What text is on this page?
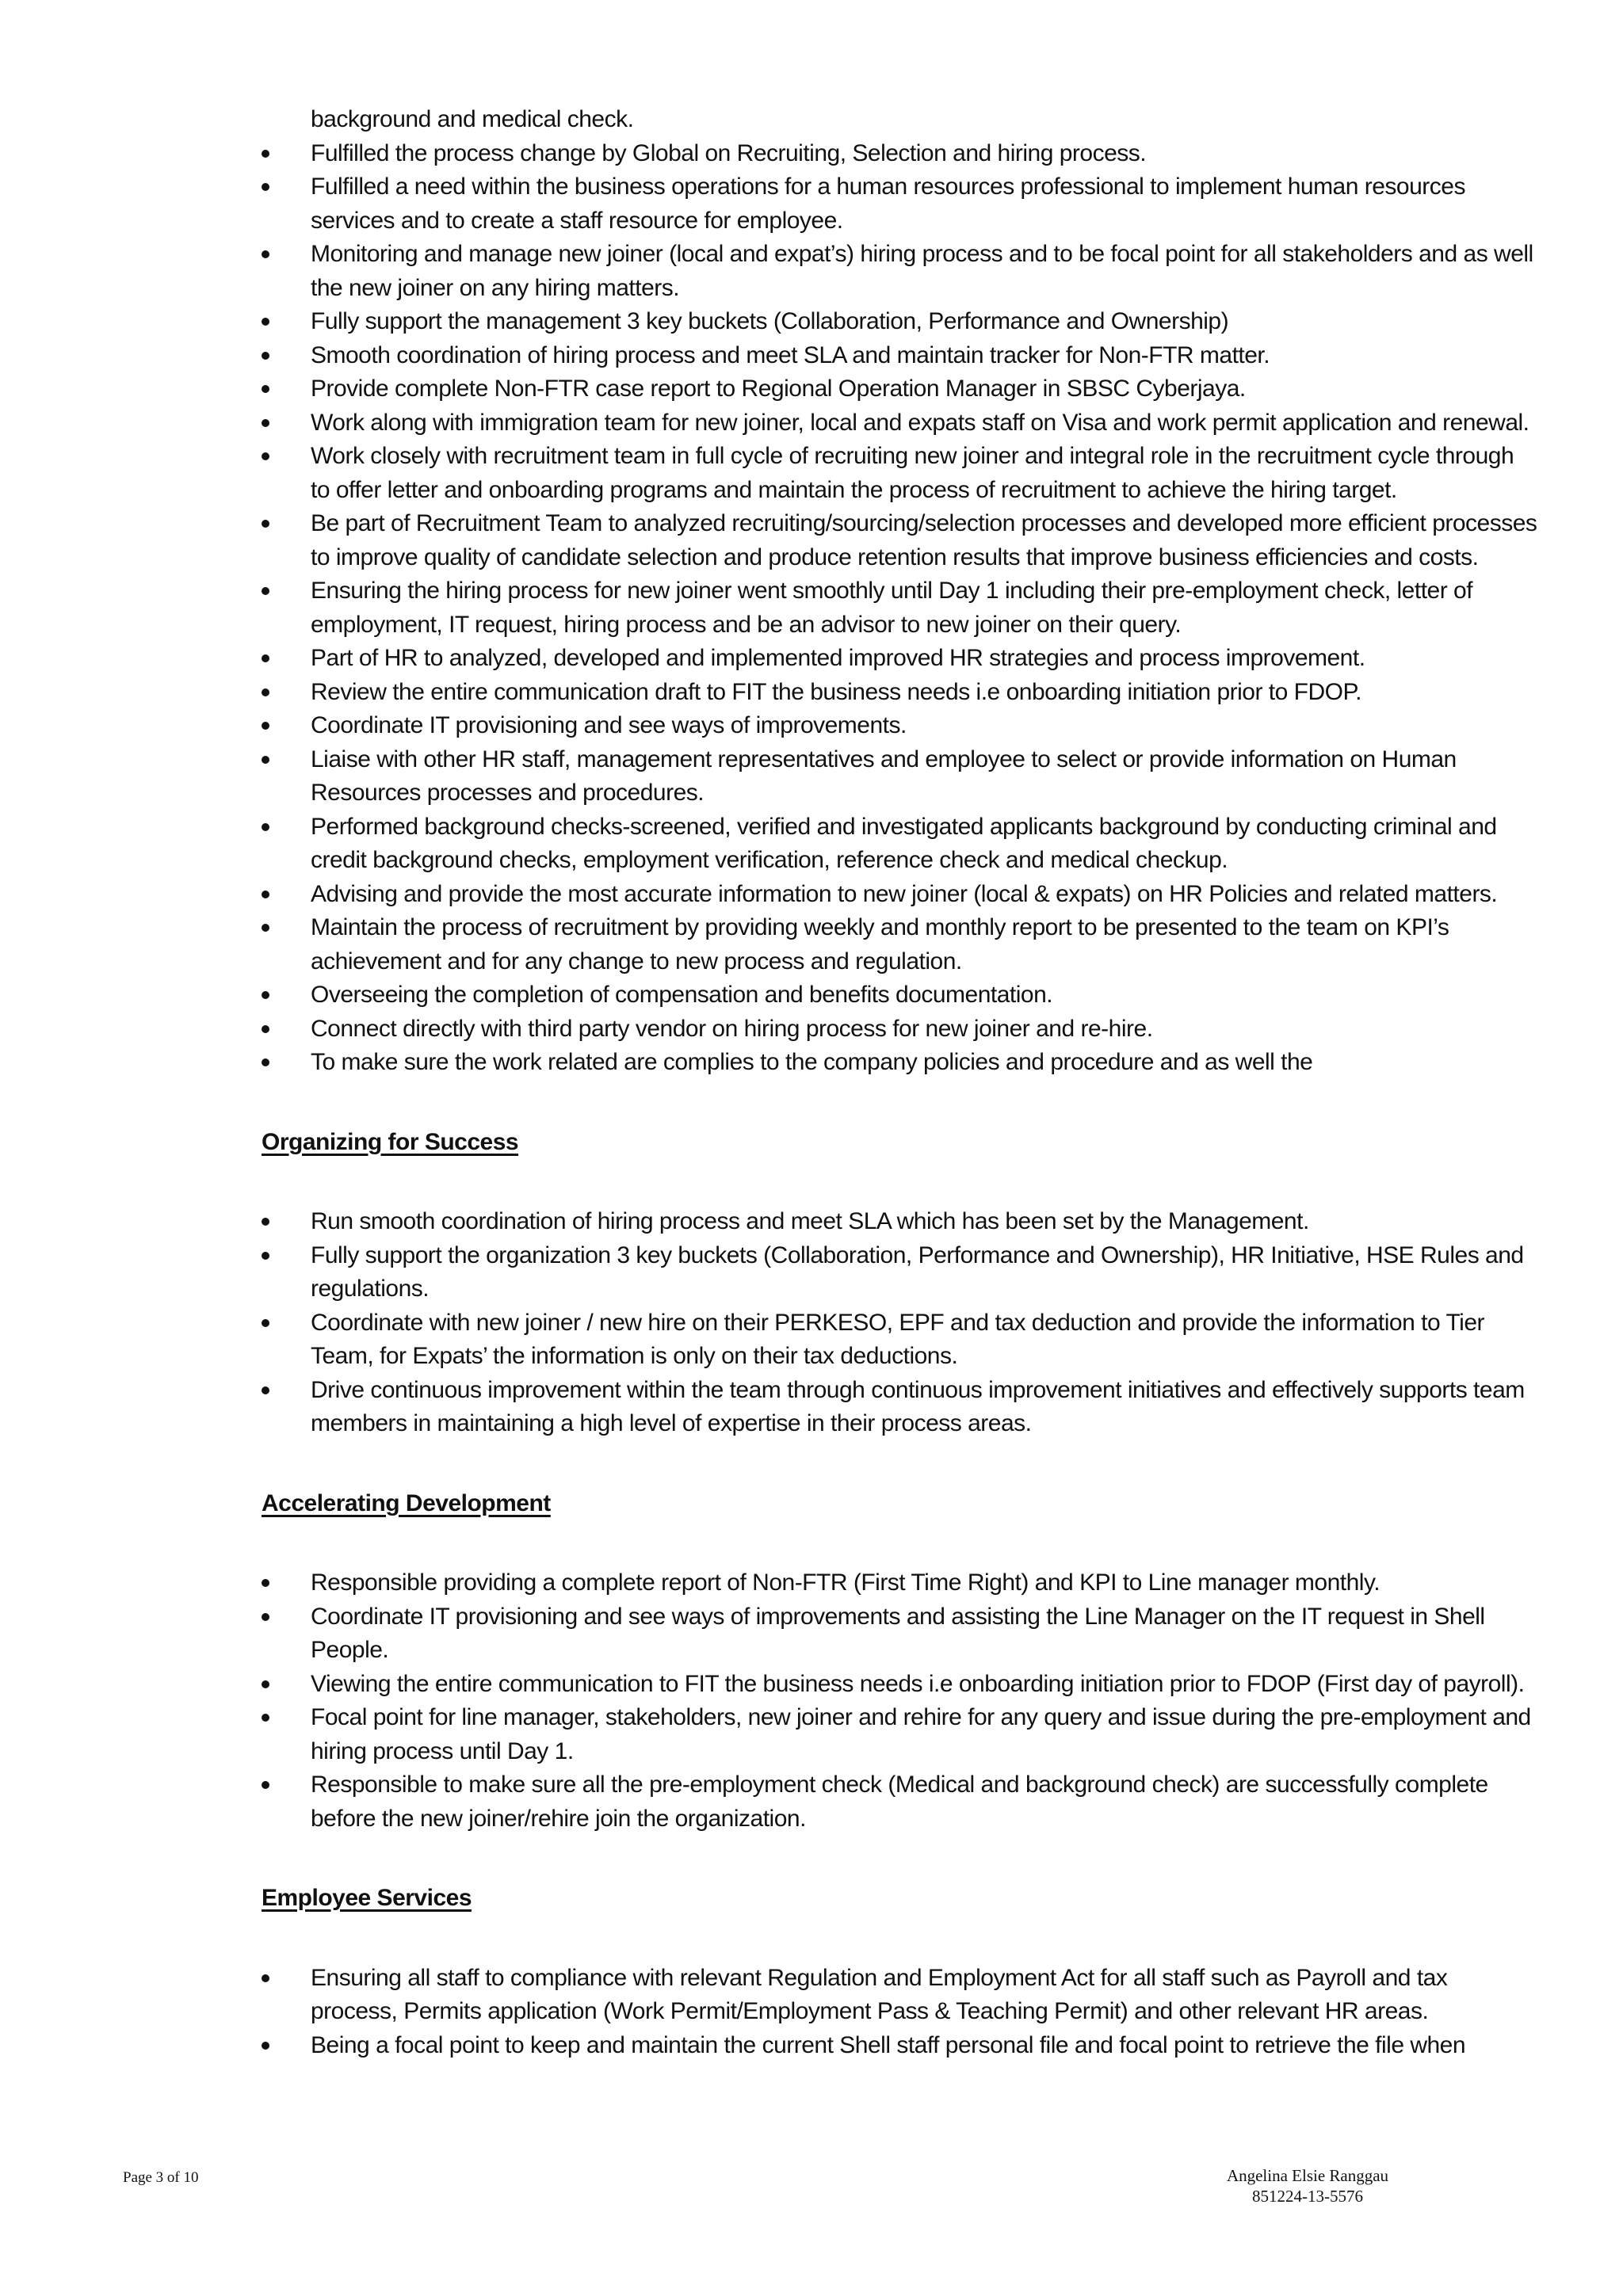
background and medical check.
Fulfilled the process change by Global on Recruiting, Selection and hiring process.
Fulfilled a need within the business operations for a human resources professional to implement human resources services and to create a staff resource for employee.
Monitoring and manage new joiner (local and expat’s) hiring process and to be focal point for all stakeholders and as well the new joiner on any hiring matters.
Fully support the management 3 key buckets (Collaboration, Performance and Ownership)
Smooth coordination of hiring process and meet SLA and maintain tracker for Non-FTR matter.
Provide complete Non-FTR case report to Regional Operation Manager in SBSC Cyberjaya.
Work along with immigration team for new joiner, local and expats staff on Visa and work permit application and renewal.
Work closely with recruitment team in full cycle of recruiting new joiner and integral role in the recruitment cycle through to offer letter and onboarding programs and maintain the process of recruitment to achieve the hiring target.
Be part of Recruitment Team to analyzed recruiting/sourcing/selection processes and developed more efficient processes to improve quality of candidate selection and produce retention results that improve business efficiencies and costs.
Ensuring the hiring process for new joiner went smoothly until Day 1 including their pre-employment check, letter of employment, IT request, hiring process and be an advisor to new joiner on their query.
Part of HR to analyzed, developed and implemented improved HR strategies and process improvement.
Review the entire communication draft to FIT the business needs i.e onboarding initiation prior to FDOP.
Coordinate IT provisioning and see ways of improvements.
Liaise with other HR staff, management representatives and employee to select or provide information on Human Resources processes and procedures.
Performed background checks-screened, verified and investigated applicants background by conducting criminal and credit background checks, employment verification, reference check and medical checkup.
Advising and provide the most accurate information to new joiner (local & expats) on HR Policies and related matters.
Maintain the process of recruitment by providing weekly and monthly report to be presented to the team on KPI’s achievement and for any change to new process and regulation.
Overseeing the completion of compensation and benefits documentation.
Connect directly with third party vendor on hiring process for new joiner and re-hire.
To make sure the work related are complies to the company policies and procedure and as well the
Organizing for Success
Run smooth coordination of hiring process and meet SLA which has been set by the Management.
Fully support the organization 3 key buckets (Collaboration, Performance and Ownership), HR Initiative, HSE Rules and regulations.
Coordinate with new joiner / new hire on their PERKESO, EPF and tax deduction and provide the information to Tier Team, for Expats’ the information is only on their tax deductions.
Drive continuous improvement within the team through continuous improvement initiatives and effectively supports team members in maintaining a high level of expertise in their process areas.
Accelerating Development
Responsible providing a complete report of Non-FTR (First Time Right) and KPI to Line manager monthly.
Coordinate IT provisioning and see ways of improvements and assisting the Line Manager on the IT request in Shell People.
Viewing the entire communication to FIT the business needs i.e onboarding initiation prior to FDOP (First day of payroll).
Focal point for line manager, stakeholders, new joiner and rehire for any query and issue during the pre-employment and hiring process until Day 1.
Responsible to make sure all the pre-employment check (Medical and background check) are successfully complete before the new joiner/rehire join the organization.
Employee Services
Ensuring all staff to compliance with relevant Regulation and Employment Act for all staff such as Payroll and tax process, Permits application (Work Permit/Employment Pass & Teaching Permit) and other relevant HR areas.
Being a focal point to keep and maintain the current Shell staff personal file and focal point to retrieve the file when
Page 3 of 10	Angelina Elsie Ranggau
851224-13-5576
